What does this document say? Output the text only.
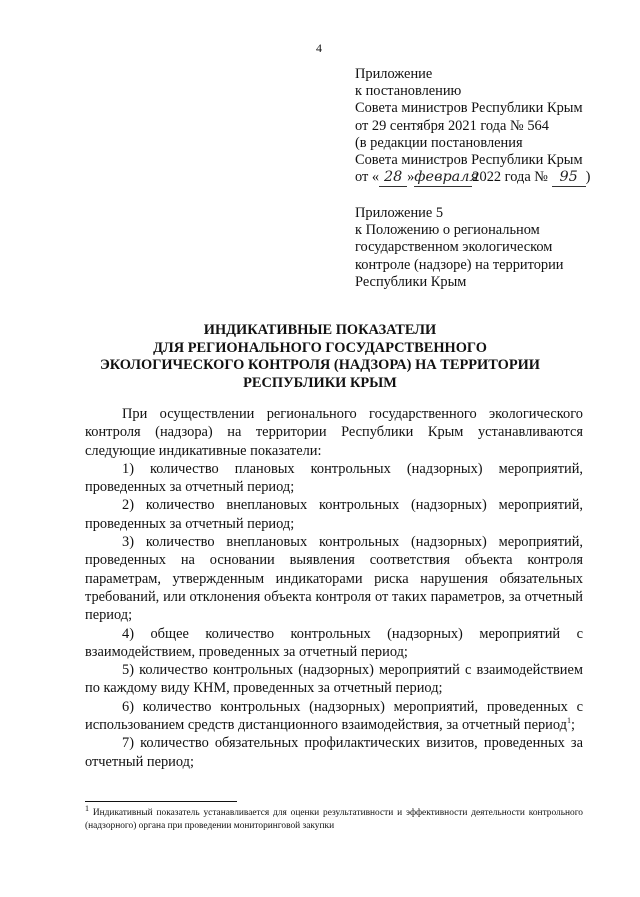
4
Приложение
к постановлению
Совета министров Республики Крым
от 29 сентября 2021 года № 564
(в редакции постановления
Совета министров Республики Крым
от « 28 »февраля2022 года № 95 )
Приложение 5
к Положению о региональном
государственном экологическом
контроле (надзоре) на территории
Республики Крым
ИНДИКАТИВНЫЕ ПОКАЗАТЕЛИ
ДЛЯ РЕГИОНАЛЬНОГО ГОСУДАРСТВЕННОГО
ЭКОЛОГИЧЕСКОГО КОНТРОЛЯ (НАДЗОРА) НА ТЕРРИТОРИИ
РЕСПУБЛИКИ КРЫМ

При осуществлении регионального государственного экологического контроля (надзора) на территории Республики Крым устанавливаются следующие индикативные показатели:

1) количество плановых контрольных (надзорных) мероприятий, проведенных за отчетный период;

2) количество внеплановых контрольных (надзорных) мероприятий, проведенных за отчетный период;

3) количество внеплановых контрольных (надзорных) мероприятий, проведенных на основании выявления соответствия объекта контроля параметрам, утвержденным индикаторами риска нарушения обязательных требований, или отклонения объекта контроля от таких параметров, за отчетный период;

4) общее количество контрольных (надзорных) мероприятий с взаимодействием, проведенных за отчетный период;

5) количество контрольных (надзорных) мероприятий с взаимодействием по каждому виду КНМ, проведенных за отчетный период;

6) количество контрольных (надзорных) мероприятий, проведенных с использованием средств дистанционного взаимодействия, за отчетный период$^1$;

7) количество обязательных профилактических визитов, проведенных за отчетный период;

$^1$ Индикативный показатель устанавливается для оценки результативности и эффективности деятельности контрольного (надзорного) органа при проведении мониторинговой закупки
